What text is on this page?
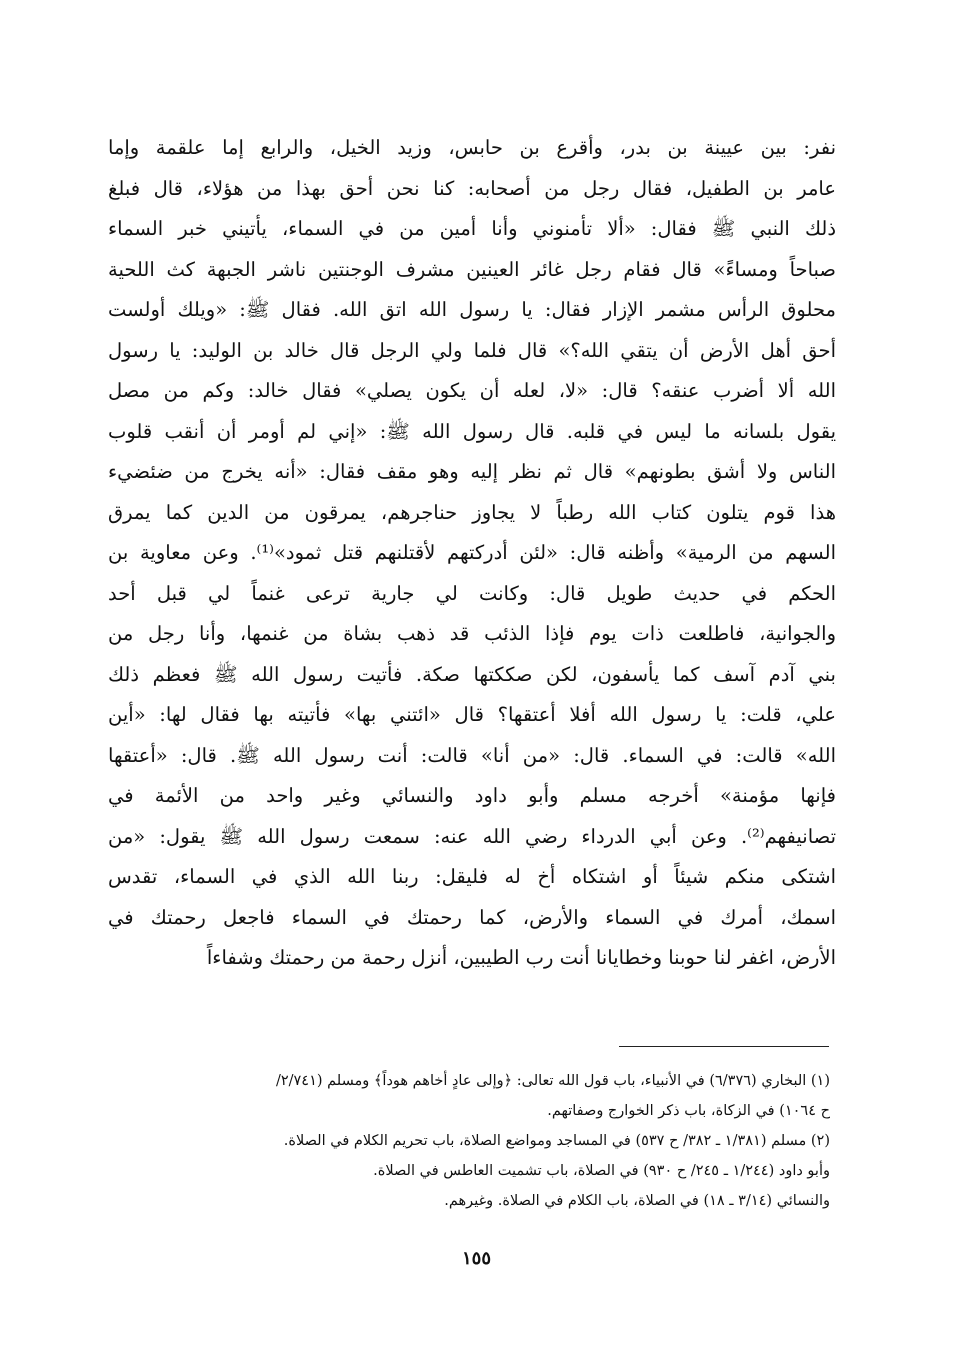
نفر: بين عيينة بن بدر، وأقرع بن حابس، وزيد الخيل، والرابع إما علقمة وإما
عامر بن الطفيل، فقال رجل من أصحابه: كنا نحن أحق بهذا من هؤلاء، قال فبلغ
ذلك النبي ﷺ فقال: «ألا تأمنوني وأنا أمين من في السماء، يأتيني خبر السماء
صباحاً ومساءً» قال فقام رجل غائر العينين مشرف الوجنتين ناشر الجبهة كث اللحية
محلوق الرأس مشمر الإزار فقال: يا رسول الله اتق الله. فقال ﷺ: «ويلك أولست
أحق أهل الأرض أن يتقي الله؟» قال فلما ولي الرجل قال خالد بن الوليد: يا رسول
الله ألا أضرب عنقه؟ قال: «لا، لعله أن يكون يصلي» فقال خالد: وكم من مصل
يقول بلسانه ما ليس في قلبه. قال رسول الله ﷺ: «إني لم أومر أن أنقب قلوب
الناس ولا أشق بطونهم» قال ثم نظر إليه وهو مقف فقال: «أنه يخرج من ضئضيء
هذا قوم يتلون كتاب الله رطباً لا يجاوز حناجرهم، يمرقون من الدين كما يمرق
السهم من الرمية» وأظنه قال: «لئن أدركتهم لأقتلنهم قتل ثمود»⁽¹⁾. وعن معاوية بن
الحكم في حديث طويل قال: وكانت لي جارية ترعى غنماً لي قبل أحد
والجوانية، فاطلعت ذات يوم فإذا الذئب قد ذهب بشاة من غنمها، وأنا رجل من
بني آدم آسف كما يأسفون، لكن صككتها صكة. فأتيت رسول الله ﷺ فعظم ذلك
علي، قلت: يا رسول الله أفلا أعتقها؟ قال «ائتني بها» فأتيته بها فقال لها: «أين
الله» قالت: في السماء. قال: «من أنا» قالت: أنت رسول الله ﷺ. قال: «أعتقها
فإنها مؤمنة» أخرجه مسلم وأبو داود والنسائي وغير واحد من الأئمة في
تصانيفهم⁽²⁾. وعن أبي الدرداء رضي الله عنه: سمعت رسول الله ﷺ يقول: «من
اشتكى منكم شيئاً أو اشتكاه أخ له فليقل: ربنا الله الذي في السماء، تقدس
اسمك، أمرك في السماء والأرض، كما رحمتك في السماء فاجعل رحمتك في
الأرض، اغفر لنا حوبنا وخطايانا أنت رب الطيبين، أنزل رحمة من رحمتك وشفاءاً
(١) البخاري (٦/٣٧٦) في الأنبياء، باب قول الله تعالى: ﴿وإلى عادٍ أخاهم هوداً﴾ ومسلم (٢/٧٤١/
ح ١٠٦٤) في الزكاة، باب ذكر الخوارج وصفاتهم.
(٢) مسلم (١/٣٨١ ـ ٣٨٢/ ح ٥٣٧) في المساجد ومواضع الصلاة، باب تحريم الكلام في الصلاة.
وأبو داود (١/٢٤٤ ـ ٢٤٥/ ح ٩٣٠) في الصلاة، باب تشميت العاطس في الصلاة.
والنسائي (٣/١٤ ـ ١٨) في الصلاة، باب الكلام في الصلاة. وغيرهم.
١٥٥
